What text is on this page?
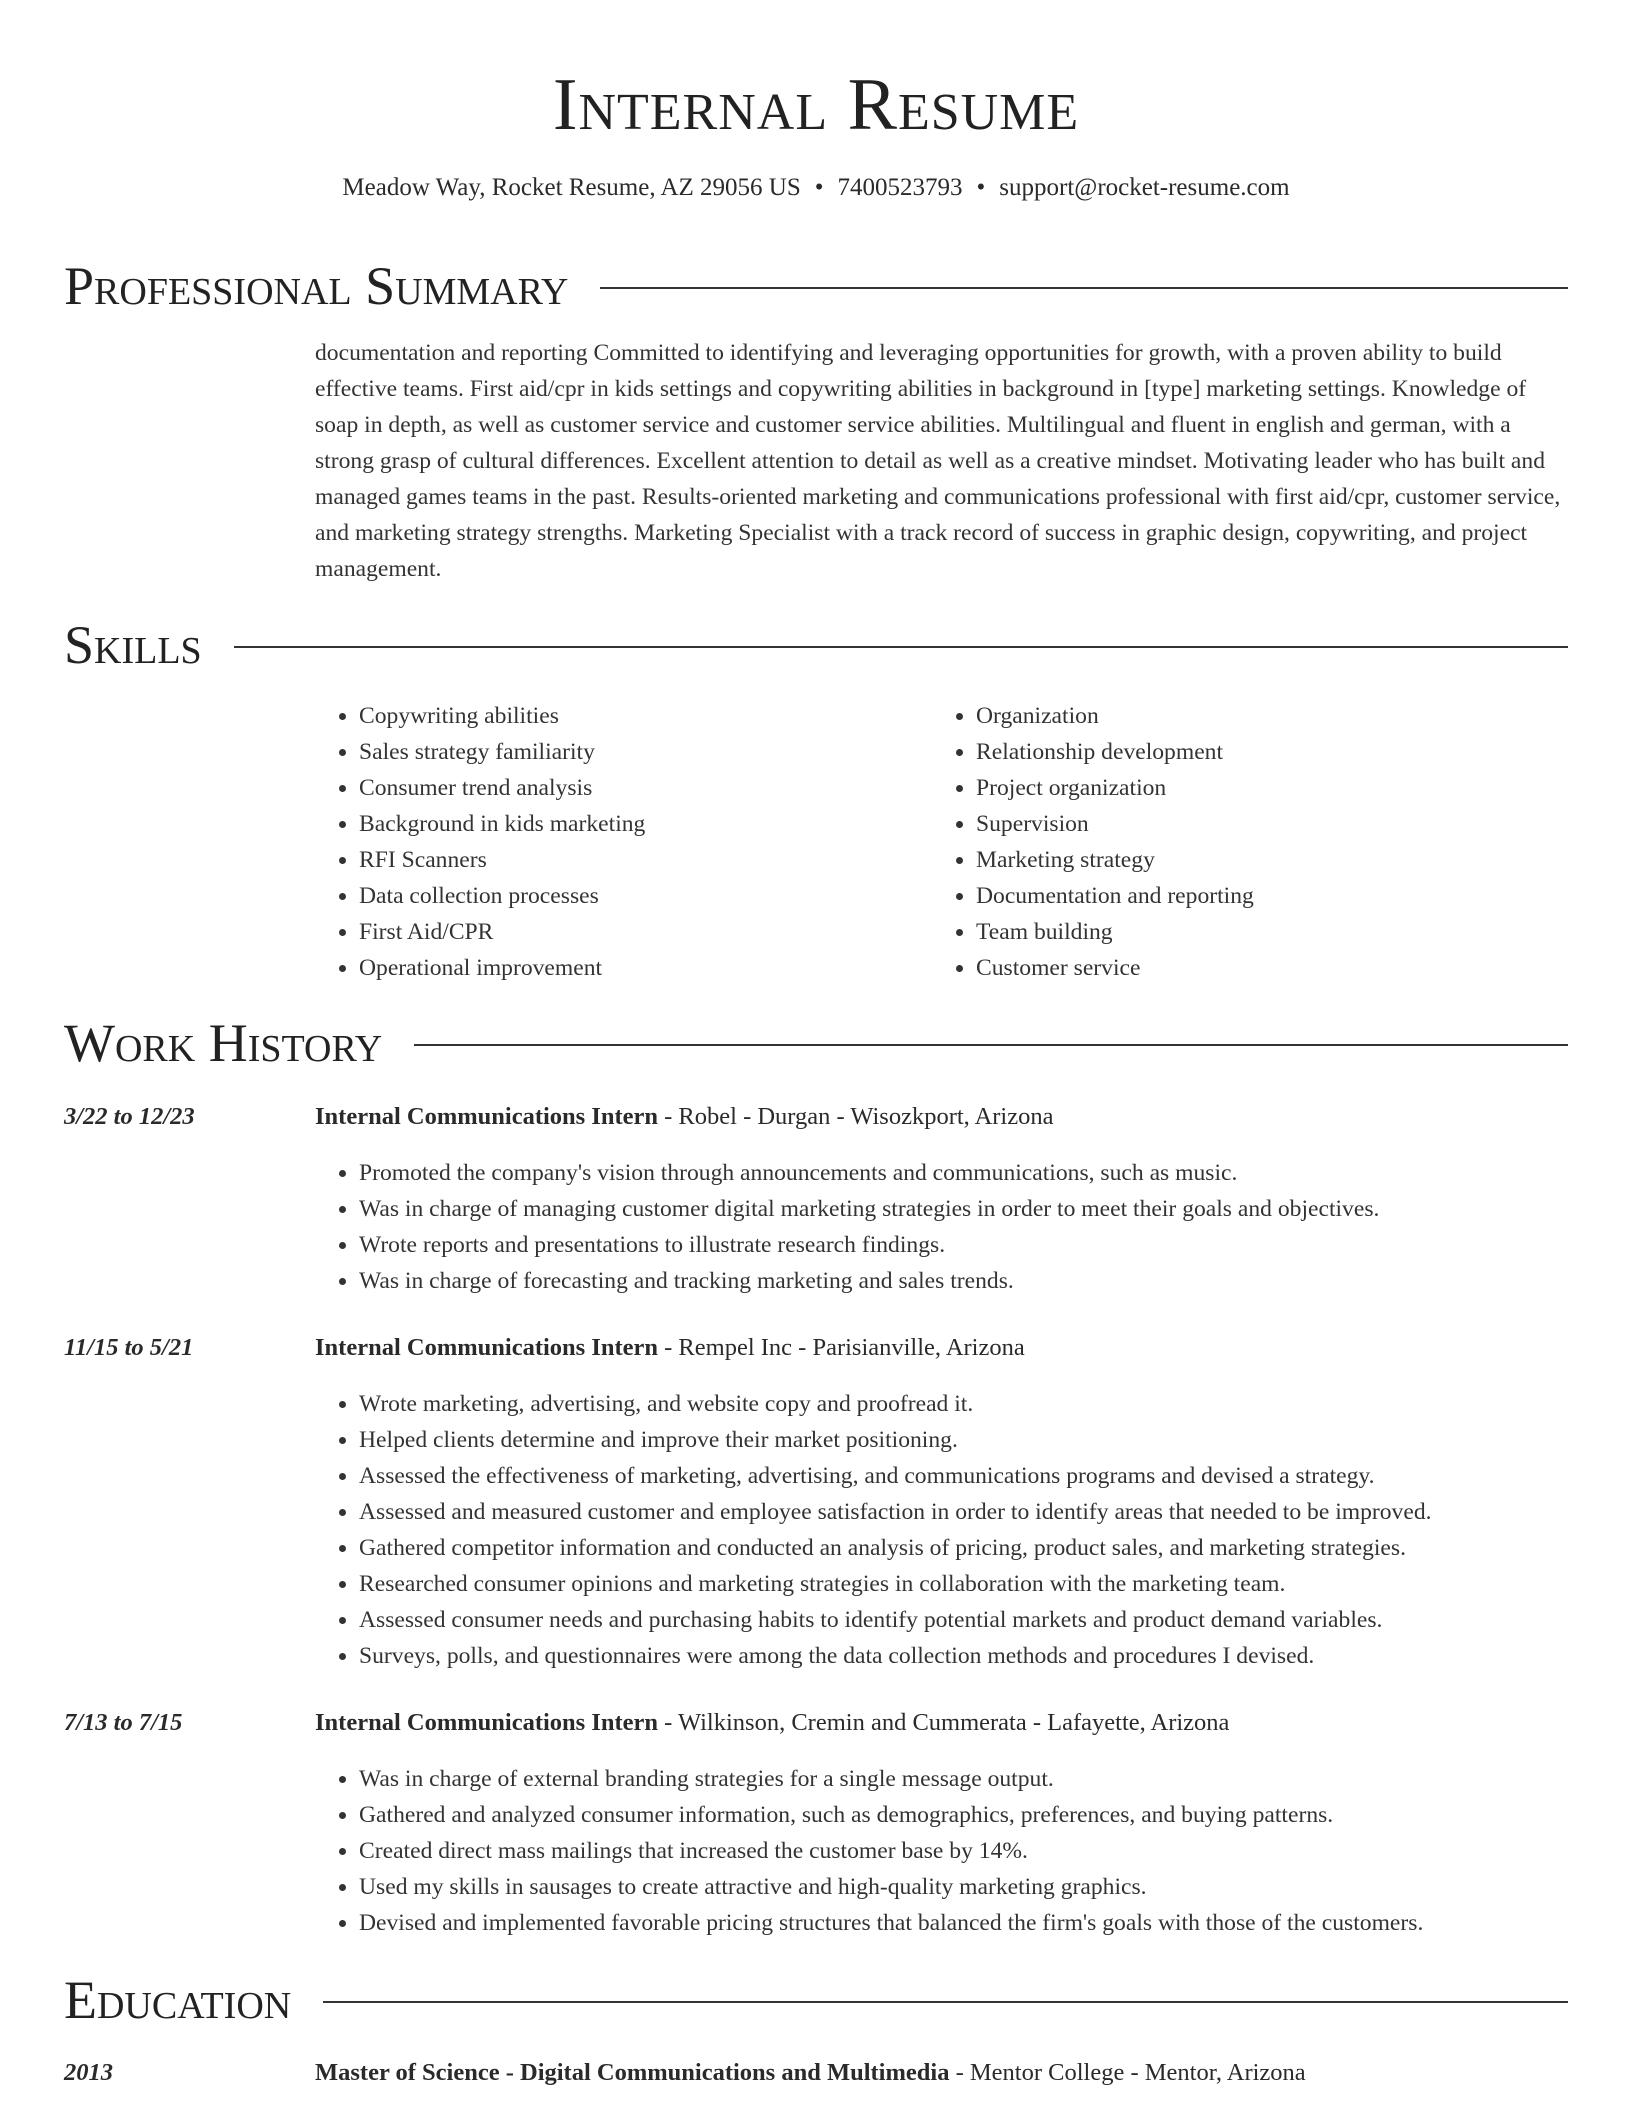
Internal Resume
Meadow Way, Rocket Resume, AZ 29056 US • 7400523793 • support@rocket-resume.com
Professional Summary
documentation and reporting Committed to identifying and leveraging opportunities for growth, with a proven ability to build effective teams. First aid/cpr in kids settings and copywriting abilities in background in [type] marketing settings. Knowledge of soap in depth, as well as customer service and customer service abilities. Multilingual and fluent in english and german, with a strong grasp of cultural differences. Excellent attention to detail as well as a creative mindset. Motivating leader who has built and managed games teams in the past. Results-oriented marketing and communications professional with first aid/cpr, customer service, and marketing strategy strengths. Marketing Specialist with a track record of success in graphic design, copywriting, and project management.
Skills
• Copywriting abilities
• Sales strategy familiarity
• Consumer trend analysis
• Background in kids marketing
• RFI Scanners
• Data collection processes
• First Aid/CPR
• Operational improvement
• Organization
• Relationship development
• Project organization
• Supervision
• Marketing strategy
• Documentation and reporting
• Team building
• Customer service
Work History
3/22 to 12/23	Internal Communications Intern - Robel - Durgan - Wisozkport, Arizona
• Promoted the company's vision through announcements and communications, such as music.
• Was in charge of managing customer digital marketing strategies in order to meet their goals and objectives.
• Wrote reports and presentations to illustrate research findings.
• Was in charge of forecasting and tracking marketing and sales trends.
11/15 to 5/21	Internal Communications Intern - Rempel Inc - Parisianville, Arizona
• Wrote marketing, advertising, and website copy and proofread it.
• Helped clients determine and improve their market positioning.
• Assessed the effectiveness of marketing, advertising, and communications programs and devised a strategy.
• Assessed and measured customer and employee satisfaction in order to identify areas that needed to be improved.
• Gathered competitor information and conducted an analysis of pricing, product sales, and marketing strategies.
• Researched consumer opinions and marketing strategies in collaboration with the marketing team.
• Assessed consumer needs and purchasing habits to identify potential markets and product demand variables.
• Surveys, polls, and questionnaires were among the data collection methods and procedures I devised.
7/13 to 7/15	Internal Communications Intern - Wilkinson, Cremin and Cummerata - Lafayette, Arizona
• Was in charge of external branding strategies for a single message output.
• Gathered and analyzed consumer information, such as demographics, preferences, and buying patterns.
• Created direct mass mailings that increased the customer base by 14%.
• Used my skills in sausages to create attractive and high-quality marketing graphics.
• Devised and implemented favorable pricing structures that balanced the firm's goals with those of the customers.
Education
2013	Master of Science - Digital Communications and Multimedia - Mentor College - Mentor, Arizona
